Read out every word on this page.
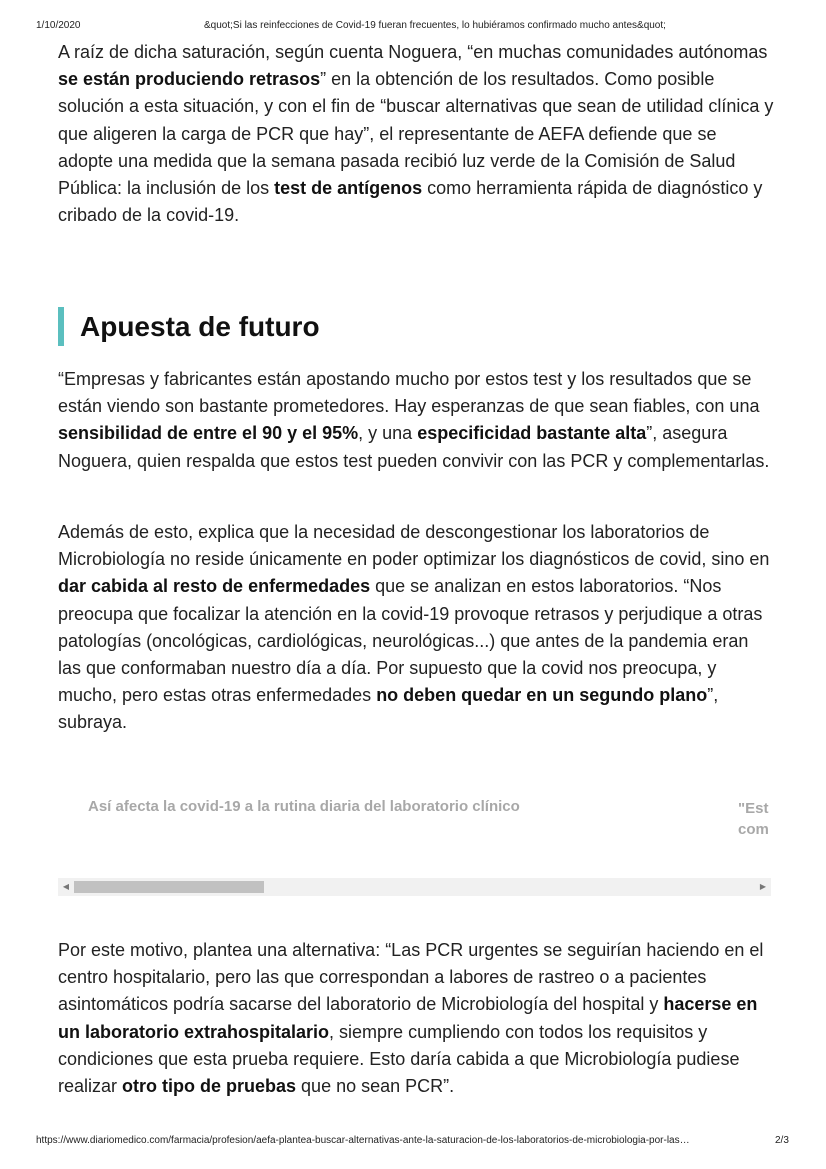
1/10/2020	&quot;Si las reinfecciones de Covid-19 fueran frecuentes, lo hubiéramos confirmado mucho antes&quot;

A raíz de dicha saturación, según cuenta Noguera, “en muchas comunidades autónomas se están produciendo retrasos” en la obtención de los resultados. Como posible solución a esta situación, y con el fin de “buscar alternativas que sean de utilidad clínica y que aligeren la carga de PCR que hay”, el representante de AEFA defiende que se adopte una medida que la semana pasada recibió luz verde de la Comisión de Salud Pública: la inclusión de los test de antígenos como herramienta rápida de diagnóstico y cribado de la covid-19.

Apuesta de futuro

“Empresas y fabricantes están apostando mucho por estos test y los resultados que se están viendo son bastante prometedores. Hay esperanzas de que sean fiables, con una sensibilidad de entre el 90 y el 95%, y una especificidad bastante alta”, asegura Noguera, quien respalda que estos test pueden convivir con las PCR y complementarlas.

Además de esto, explica que la necesidad de descongestionar los laboratorios de Microbiología no reside únicamente en poder optimizar los diagnósticos de covid, sino en dar cabida al resto de enfermedades que se analizan en estos laboratorios. “Nos preocupa que focalizar la atención en la covid-19 provoque retrasos y perjudique a otras patologías (oncológicas, cardiológicas, neurológicas...) que antes de la pandemia eran las que conformaban nuestro día a día. Por supuesto que la covid nos preocupa, y mucho, pero estas otras enfermedades no deben quedar en un segundo plano”, subraya.

Así afecta la covid-19 a la rutina diaria del laboratorio clínico	"Est
com
◀	▶

Por este motivo, plantea una alternativa: “Las PCR urgentes se seguirían haciendo en el centro hospitalario, pero las que correspondan a labores de rastreo o a pacientes asintomáticos podría sacarse del laboratorio de Microbiología del hospital y hacerse en un laboratorio extrahospitalario, siempre cumpliendo con todos los requisitos y condiciones que esta prueba requiere. Esto daría cabida a que Microbiología pudiese realizar otro tipo de pruebas que no sean PCR”.

https://www.diariomedico.com/farmacia/profesion/aefa-plantea-buscar-alternativas-ante-la-saturacion-de-los-laboratorios-de-microbiologia-por-las…	2/3
